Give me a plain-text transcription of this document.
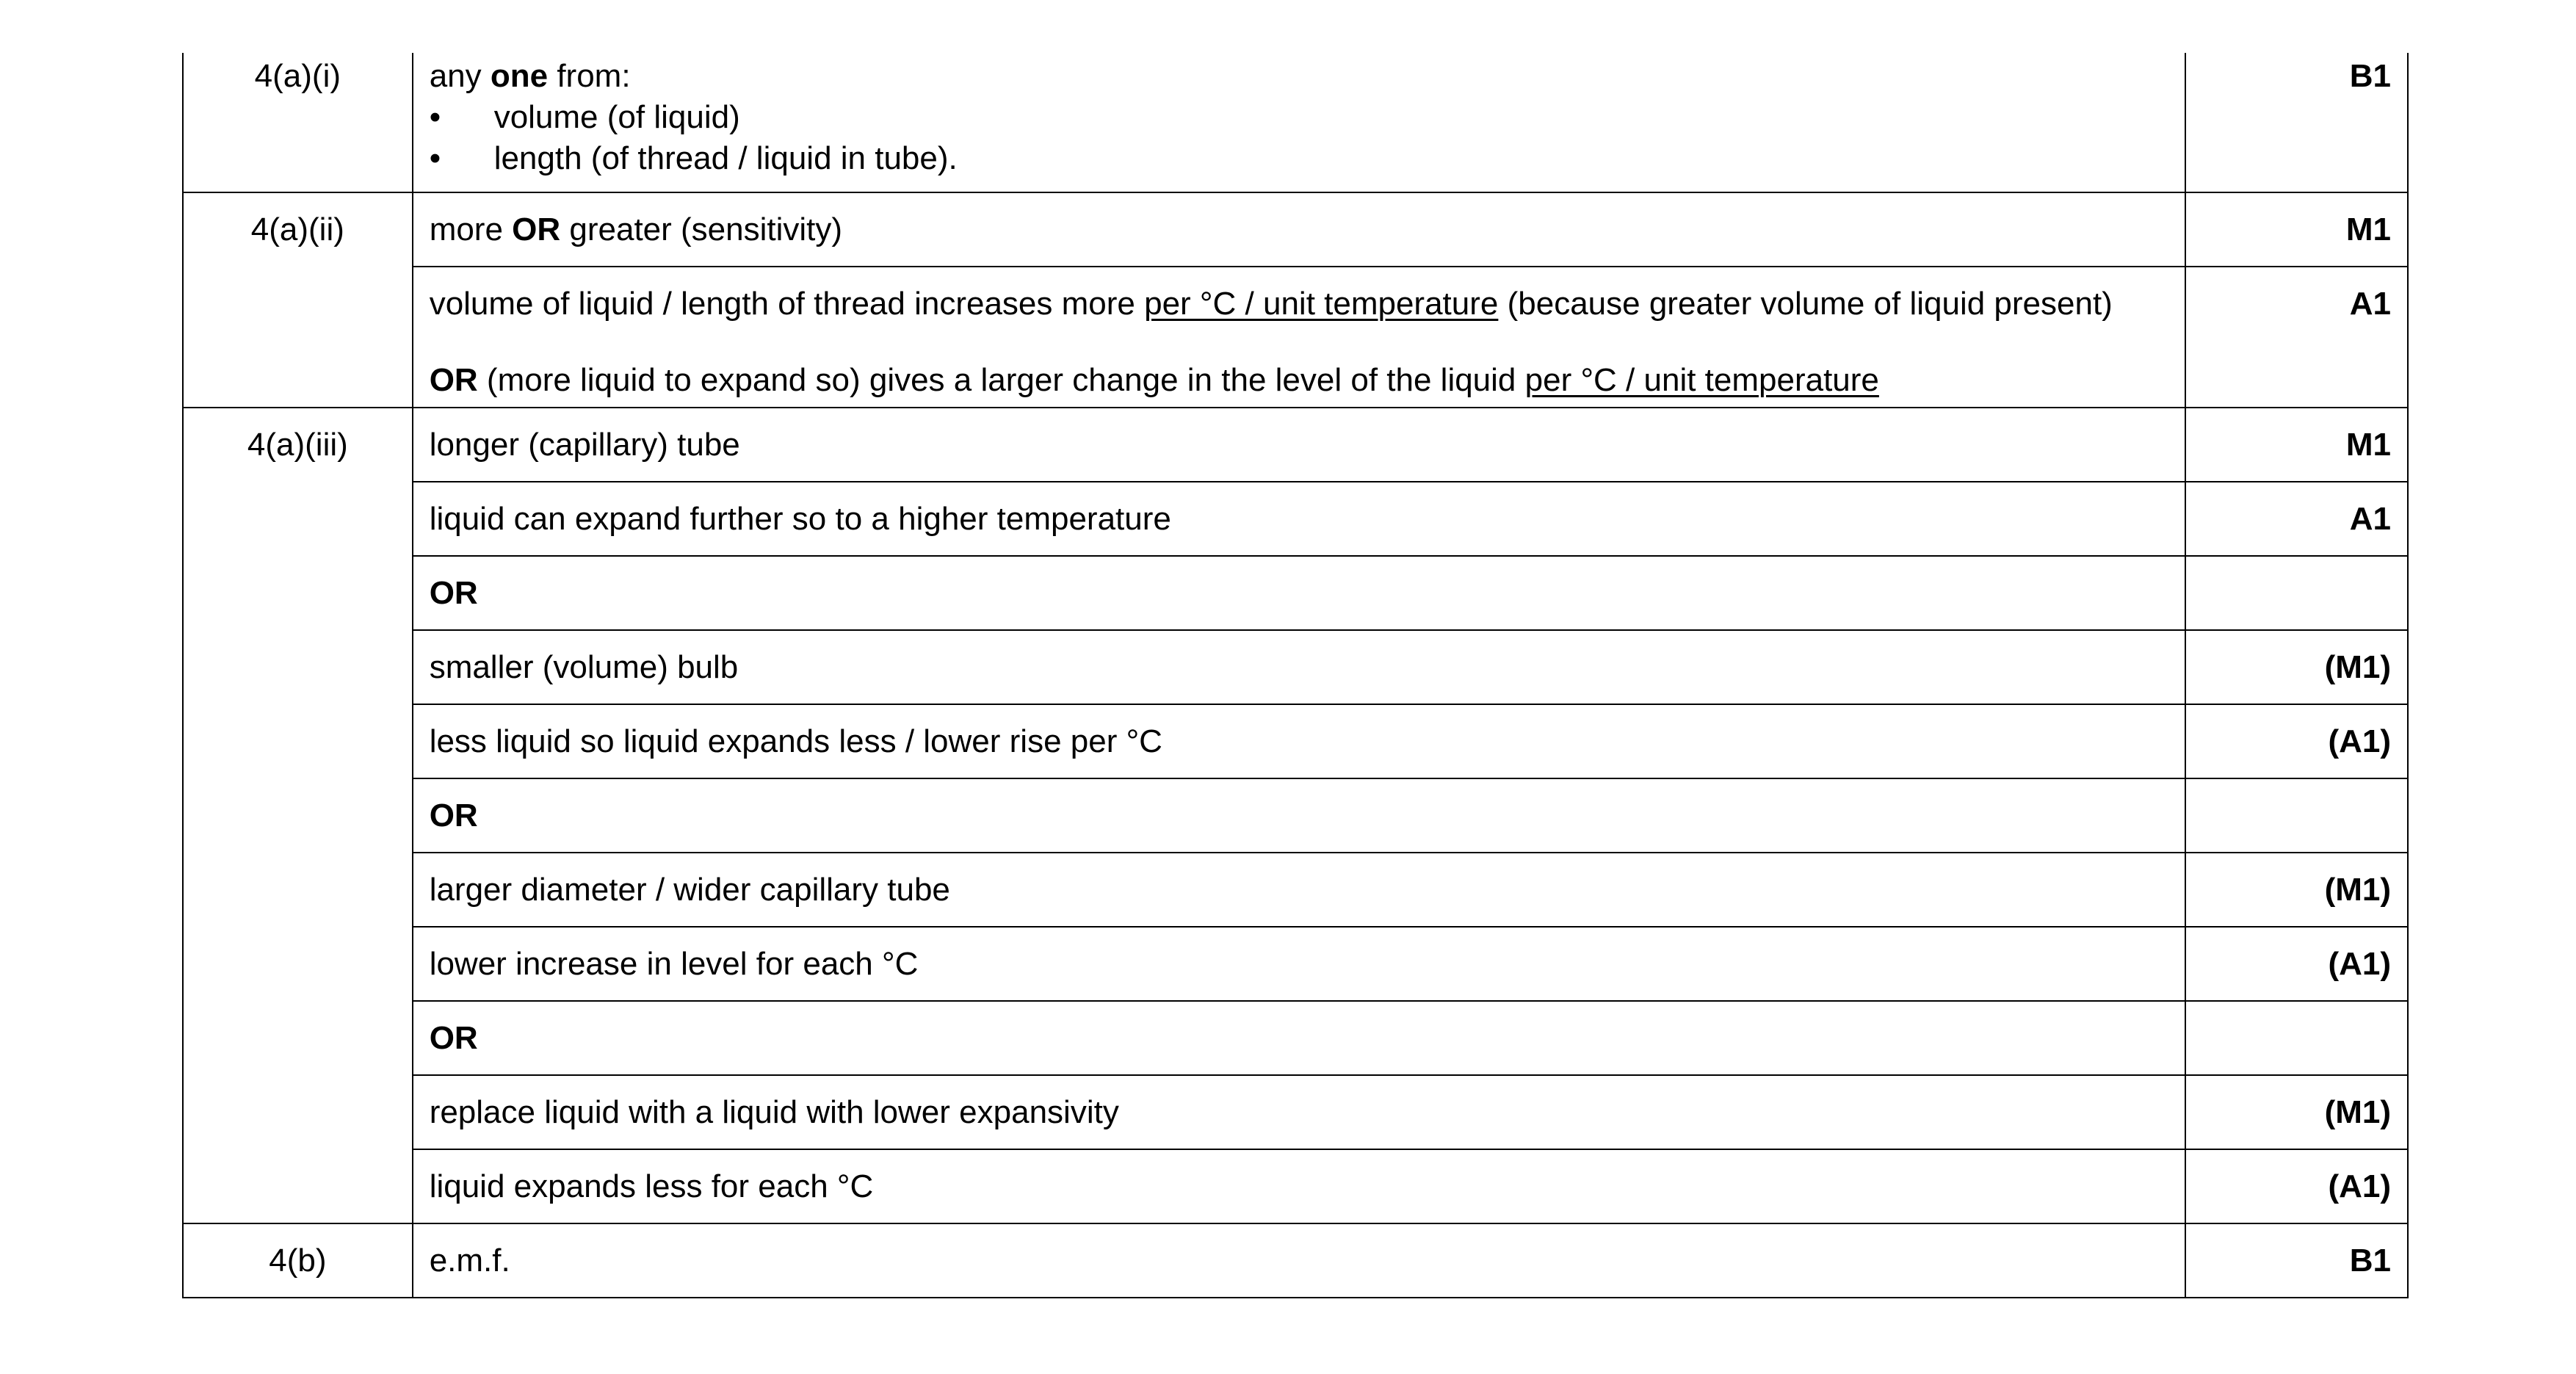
4(a)(i)	any one from:
• volume (of liquid)
• length (of thread / liquid in tube).	B1

4(a)(ii)	more OR greater (sensitivity)	M1

	volume of liquid / length of thread increases more per °C / unit temperature (because greater volume of liquid present)
OR (more liquid to expand so) gives a larger change in the level of the liquid per °C / unit temperature	A1

4(a)(iii)	longer (capillary) tube	M1

	liquid can expand further so to a higher temperature	A1

	OR	

	smaller (volume) bulb	(M1)

	less liquid so liquid expands less / lower rise per °C	(A1)

	OR	

	larger diameter / wider capillary tube	(M1)

	lower increase in level for each °C	(A1)

	OR	

	replace liquid with a liquid with lower expansivity	(M1)

	liquid expands less for each °C	(A1)

4(b)	e.m.f.	B1
